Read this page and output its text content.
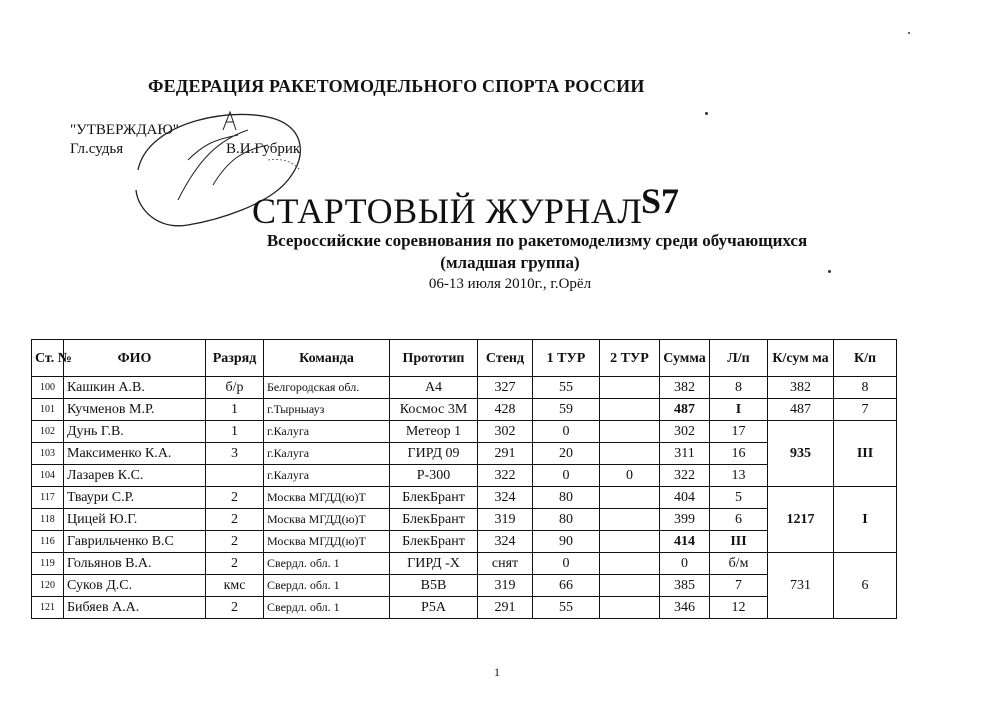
ФЕДЕРАЦИЯ РАКЕТОМОДЕЛЬНОГО СПОРТА РОССИИ
"УТВЕРЖДАЮ"
Гл.судья	В.И.Губрик
СТАРТОВЫЙ ЖУРНАЛ
S7
Всероссийские соревнования по ракетомоделизму среди обучающихся
(младшая группа)
06-13 июля 2010г., г.Орёл
Ст. №	ФИО	Разряд	Команда	Прототип	Стенд	1 ТУР	2 ТУР	Сумма	Л/п	К/сум ма	К/п
100	Кашкин А.В.	б/р	Белгородская обл.	А4	327	55		382	8	382	8
101	Кучменов М.Р.	1	г.Тырныауз	Космос 3М	428	59		487	I	487	7
102	Дунь Г.В.	1	г.Калуга	Метеор 1	302	0		302	17	935	III
103	Максименко К.А.	3	г.Калуга	ГИРД 09	291	20		311	16		
104	Лазарев К.С.		г.Калуга	Р-300	322	0	0	322	13		
117	Тваури С.Р.	2	Москва МГДД(ю)Т	БлекБрант	324	80		404	5	1217	I
118	Цицей Ю.Г.	2	Москва МГДД(ю)Т	БлекБрант	319	80		399	6		
116	Гаврильченко В.С	2	Москва МГДД(ю)Т	БлекБрант	324	90		414	III		
119	Гольянов В.А.	2	Свердл. обл. 1	ГИРД -Х	снят	0		0	б/м	731	6
120	Суков Д.С.	кмс	Свердл. обл. 1	В5В	319	66		385	7		
121	Бибяев А.А.	2	Свердл. обл. 1	Р5А	291	55		346	12		
1
